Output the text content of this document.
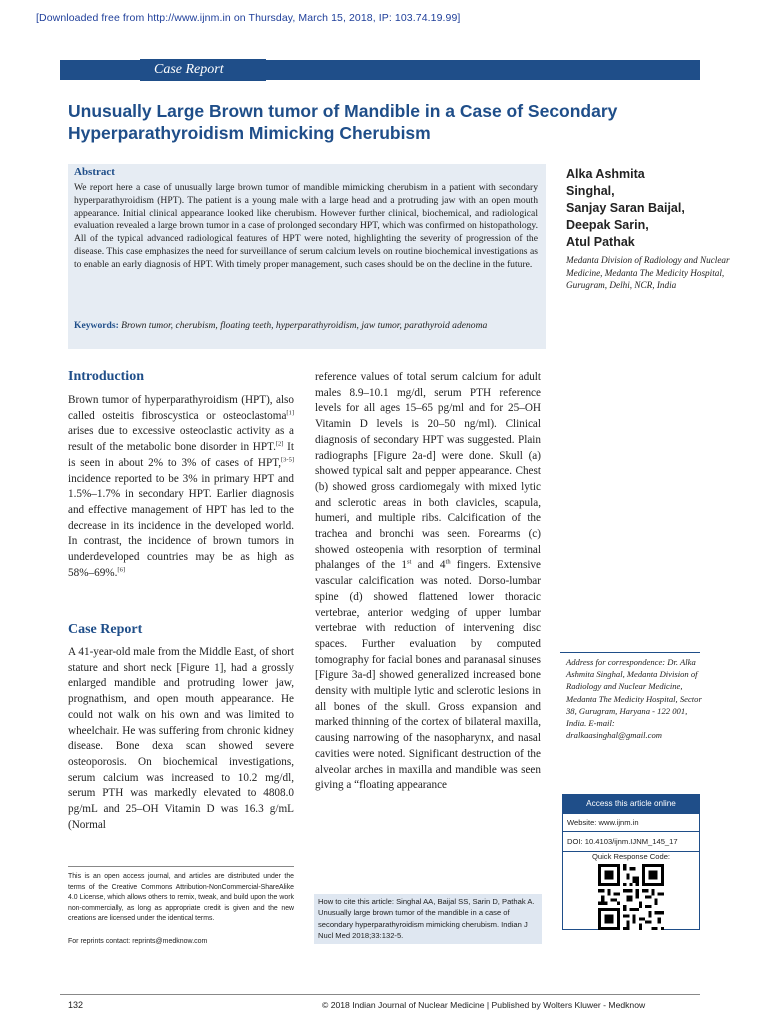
[Downloaded free from http://www.ijnm.in on Thursday, March 15, 2018, IP: 103.74.19.99]
Case Report
Unusually Large Brown tumor of Mandible in a Case of Secondary
Hyperparathyroidism Mimicking Cherubism
Abstract
We report here a case of unusually large brown tumor of mandible mimicking cherubism in a patient with secondary hyperparathyroidism (HPT). The patient is a young male with a large head and a protruding jaw with an open mouth appearance. Initial clinical appearance looked like cherubism. However further clinical, biochemical, and radiological evaluation revealed a large brown tumor in a case of prolonged secondary HPT, which was confirmed on histopathology. All of the typical advanced radiological features of HPT were noted, highlighting the severity of progression of the disease. This case emphasizes the need for surveillance of serum calcium levels on routine biochemical investigations as to enable an early diagnosis of HPT. With timely proper management, such cases should be on the decline in the future.
Keywords: Brown tumor, cherubism, floating teeth, hyperparathyroidism, jaw tumor, parathyroid adenoma
Alka Ashmita
Singhal,
Sanjay Saran Baijal,
Deepak Sarin,
Atul Pathak
Medanta Division of Radiology and Nuclear Medicine, Medanta The Medicity Hospital, Gurugram, Delhi, NCR, India
Introduction
Brown tumor of hyperparathyroidism (HPT), also called osteitis fibroscystica or osteoclastoma[1] arises due to excessive osteoclastic activity as a result of the metabolic bone disorder in HPT.[2] It is seen in about 2% to 3% of cases of HPT,[3-5] incidence reported to be 3% in primary HPT and 1.5%–1.7% in secondary HPT. Earlier diagnosis and effective management of HPT has led to the decrease in its incidence in the developed world. In contrast, the incidence of brown tumors in underdeveloped countries may be as high as 58%–69%.[6]
Case Report
A 41-year-old male from the Middle East, of short stature and short neck [Figure 1], had a grossly enlarged mandible and protruding lower jaw, prognathism, and open mouth appearance. He could not walk on his own and was limited to wheelchair. He was suffering from chronic kidney disease. Bone dexa scan showed severe osteoporosis. On biochemical investigations, serum calcium was increased to 10.2 mg/dl, serum PTH was markedly elevated to 4808.0 pg/mL and 25–OH Vitamin D was 16.3 g/mL (Normal
reference values of total serum calcium for adult males 8.9–10.1 mg/dl, serum PTH reference levels for all ages 15–65 pg/ml and for 25–OH Vitamin D levels is 20–50 ng/ml). Clinical diagnosis of secondary HPT was suggested. Plain radiographs [Figure 2a-d] were done. Skull (a) showed typical salt and pepper appearance. Chest (b) showed gross cardiomegaly with mixed lytic and sclerotic areas in both clavicles, scapula, humeri, and multiple ribs. Calcification of the trachea and bronchi was seen. Forearms (c) showed osteopenia with resorption of terminal phalanges of the 1st and 4th fingers. Extensive vascular calcification was noted. Dorso-lumbar spine (d) showed flattened lower thoracic vertebrae, anterior wedging of upper lumbar vertebrae with reduction of intervening disc spaces. Further evaluation by computed tomography for facial bones and paranasal sinuses [Figure 3a-d] showed generalized increased bone density with multiple lytic and sclerotic lesions in all bones of the skull. Gross expansion and marked thinning of the cortex of bilateral maxilla, causing narrowing of the nasopharynx, and nasal cavities were noted. Significant destruction of the alveolar arches in maxilla and mandible was seen giving a “floating appearance
This is an open access journal, and articles are distributed under the terms of the Creative Commons Attribution-NonCommercial-ShareAlike 4.0 License, which allows others to remix, tweak, and build upon the work non-commercially, as long as appropriate credit is given and the new creations are licensed under the identical terms.
For reprints contact: reprints@medknow.com
How to cite this article: Singhal AA, Baijal SS, Sarin D, Pathak A. Unusually large brown tumor of the mandible in a case of secondary hyperparathyroidism mimicking cherubism. Indian J Nucl Med 2018;33:132-5.
Address for correspondence: Dr. Alka Ashmita Singhal, Medanta Division of Radiology and Nuclear Medicine, Medanta The Medicity Hospital, Sector 38, Gurugram, Haryana - 122 001, India. E-mail: dralkaasinghal@gmail.com
Access this article online
Website: www.ijnm.in
DOI: 10.4103/ijnm.IJNM_145_17
Quick Response Code:
132	© 2018 Indian Journal of Nuclear Medicine | Published by Wolters Kluwer - Medknow
